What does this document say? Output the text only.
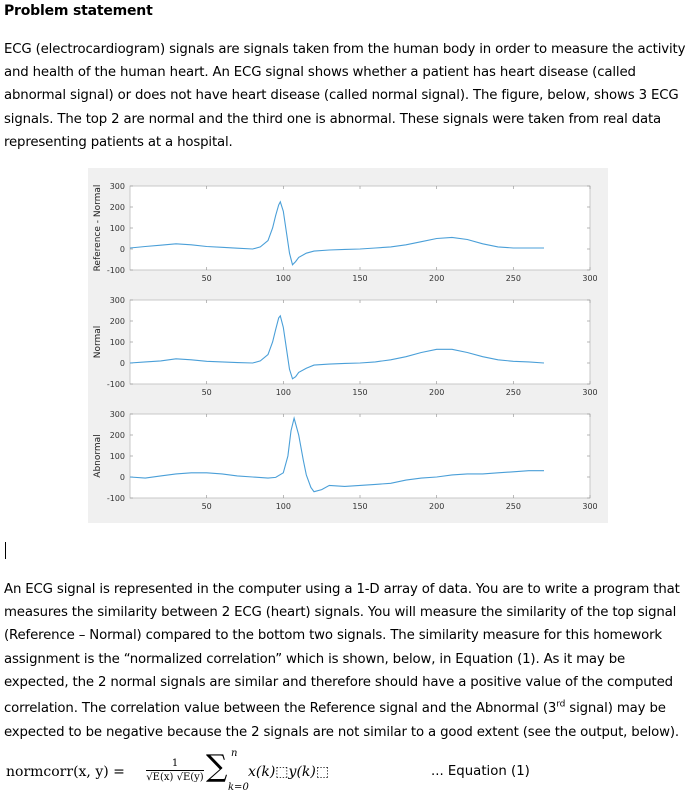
Problem statement
ECG (electrocardiogram) signals are signals taken from the human body in order to measure the activity and health of the human heart. An ECG signal shows whether a patient has heart disease (called abnormal signal) or does not have heart disease (called normal signal). The figure, below, shows 3 ECG signals. The top 2 are normal and the third one is abnormal. These signals were taken from real data representing patients at a hospital.
-100
0
100
200
300
50	100	150	200	250	300
Reference - Normal
-100
0
100
200
300
50	100	150	200	250	300
Normal
-100
0
100
200
300
50	100	150	200	250	300
Abnormal
An ECG signal is represented in the computer using a 1-D array of data. You are to write a program that measures the similarity between 2 ECG (heart) signals. You will measure the similarity of the top signal (Reference – Normal) compared to the bottom two signals. The similarity measure for this homework assignment is the “normalized correlation” which is shown, below, in Equation (1). As it may be expected, the 2 normal signals are similar and therefore should have a positive value of the computed correlation. The correlation value between the Reference signal and the Abnormal (3rd signal) may be expected to be negative because the 2 signals are not similar to a good extent (see the output, below).
normcorr(x, $y) = \frac{1}{√E(x) √E(y)}$
n
∑
k=0
x(k)⬚y(k)⬚	... Equation (1)
